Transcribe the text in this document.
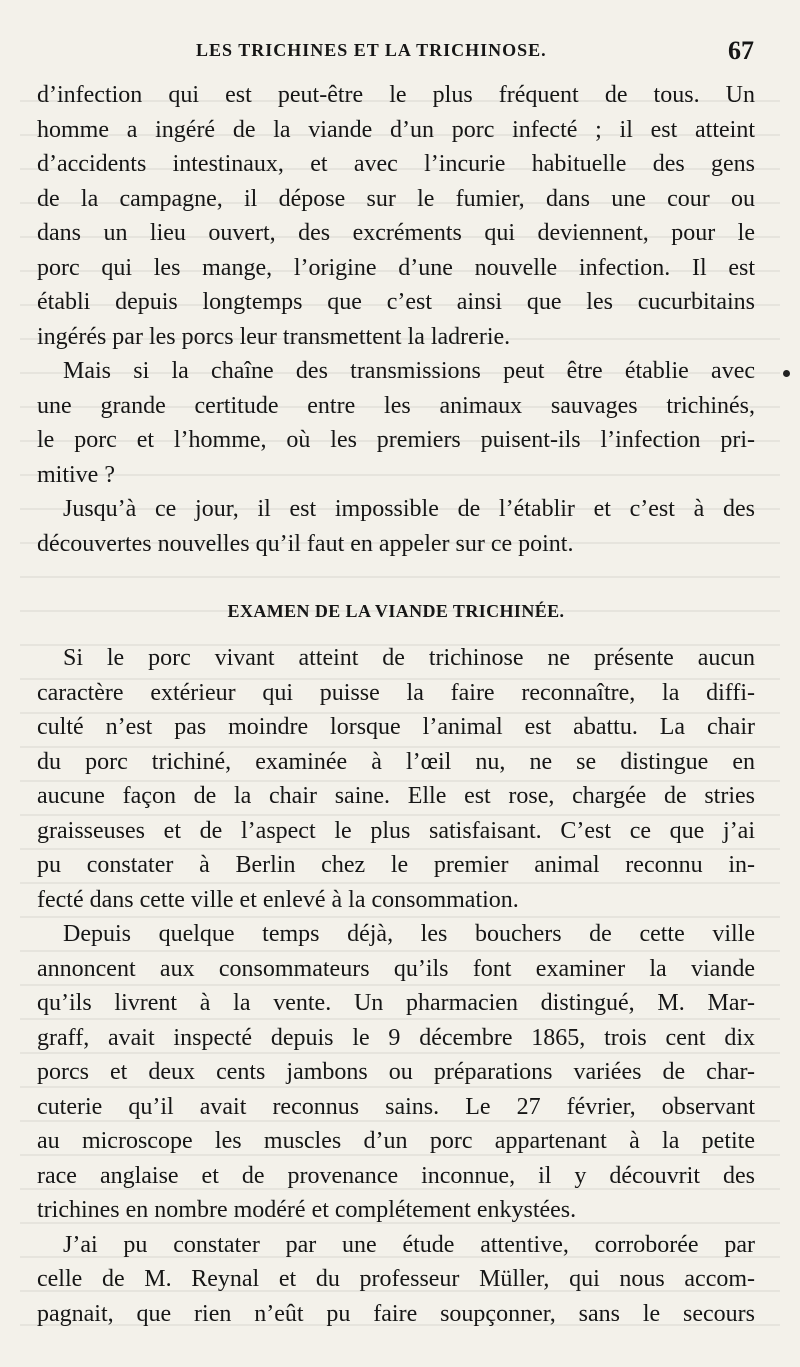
LES TRICHINES ET LA TRICHINOSE.	67
d’infection qui est peut-être le plus fréquent de tous. Un
homme a ingéré de la viande d’un porc infecté ; il est atteint
d’accidents intestinaux, et avec l’incurie habituelle des gens
de la campagne, il dépose sur le fumier, dans une cour ou
dans un lieu ouvert, des excréments qui deviennent, pour le
porc qui les mange, l’origine d’une nouvelle infection. Il est
établi depuis longtemps que c’est ainsi que les cucurbitains
ingérés par les porcs leur transmettent la ladrerie.
Mais si la chaîne des transmissions peut être établie avec
une grande certitude entre les animaux sauvages trichinés,
le porc et l’homme, où les premiers puisent-ils l’infection pri-
mitive ?
Jusqu’à ce jour, il est impossible de l’établir et c’est à des
découvertes nouvelles qu’il faut en appeler sur ce point.
EXAMEN DE LA VIANDE TRICHINÉE.
Si le porc vivant atteint de trichinose ne présente aucun
caractère extérieur qui puisse la faire reconnaître, la diffi-
culté n’est pas moindre lorsque l’animal est abattu. La chair
du porc trichiné, examinée à l’œil nu, ne se distingue en
aucune façon de la chair saine. Elle est rose, chargée de stries
graisseuses et de l’aspect le plus satisfaisant. C’est ce que j’ai
pu constater à Berlin chez le premier animal reconnu in-
fecté dans cette ville et enlevé à la consommation.
Depuis quelque temps déjà, les bouchers de cette ville
annoncent aux consommateurs qu’ils font examiner la viande
qu’ils livrent à la vente. Un pharmacien distingué, M. Mar-
graff, avait inspecté depuis le 9 décembre 1865, trois cent dix
porcs et deux cents jambons ou préparations variées de char-
cuterie qu’il avait reconnus sains. Le 27 février, observant
au microscope les muscles d’un porc appartenant à la petite
race anglaise et de provenance inconnue, il y découvrit des
trichines en nombre modéré et complétement enkystées.
J’ai pu constater par une étude attentive, corroborée par
celle de M. Reynal et du professeur Müller, qui nous accom-
pagnait, que rien n’eût pu faire soupçonner, sans le secours
